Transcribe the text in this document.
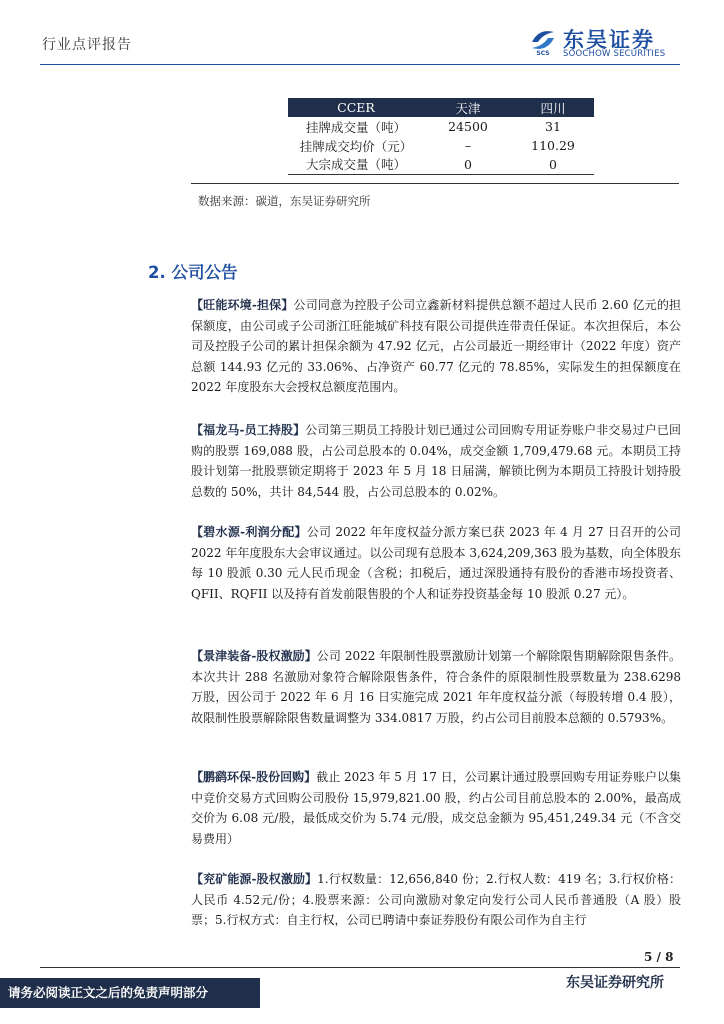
行业点评报告
SCS
东吴证券
SOOCHOW SECURITIES
CCER	天津	四川
挂牌成交量（吨）	24500	31
挂牌成交均价（元）	–	110.29
大宗成交量（吨）	0	0
数据来源：碳道，东吴证券研究所
2. 公司公告
【旺能环境-担保】公司同意为控股子公司立鑫新材料提供总额不超过人民币 2.60 亿元的担保额度，由公司或子公司浙江旺能城矿科技有限公司提供连带责任保证。本次担保后，本公司及控股子公司的累计担保余额为 47.92 亿元，占公司最近一期经审计（2022 年度）资产总额 144.93 亿元的 33.06%、占净资产 60.77 亿元的 78.85%，实际发生的担保额度在 2022 年度股东大会授权总额度范围内。
【福龙马-员工持股】公司第三期员工持股计划已通过公司回购专用证券账户非交易过户已回购的股票 169,088 股，占公司总股本的 0.04%，成交金额 1,709,479.68 元。本期员工持股计划第一批股票锁定期将于 2023 年 5 月 18 日届满，解锁比例为本期员工持股计划持股总数的 50%，共计 84,544 股，占公司总股本的 0.02%。
【碧水源-利润分配】公司 2022 年年度权益分派方案已获 2023 年 4 月 27 日召开的公司 2022 年年度股东大会审议通过。以公司现有总股本 3,624,209,363 股为基数，向全体股东每 10 股派 0.30 元人民币现金（含税；扣税后，通过深股通持有股份的香港市场投资者、QFII、RQFII 以及持有首发前限售股的个人和证券投资基金每 10 股派 0.27 元）。
【景津装备-股权激励】公司 2022 年限制性股票激励计划第一个解除限售期解除限售条件。本次共计 288 名激励对象符合解除限售条件，符合条件的原限制性股票数量为 238.6298 万股，因公司于 2022 年 6 月 16 日实施完成 2021 年年度权益分派（每股转增 0.4 股），故限制性股票解除限售数量调整为 334.0817 万股，约占公司目前股本总额的 0.5793%。
【鹏鹞环保-股份回购】截止 2023 年 5 月 17 日，公司累计通过股票回购专用证券账户以集中竞价交易方式回购公司股份 15,979,821.00 股，约占公司目前总股本的 2.00%，最高成交价为 6.08 元/股，最低成交价为 5.74 元/股，成交总金额为 95,451,249.34 元（不含交易费用）
【兖矿能源-股权激励】1.行权数量：12,656,840 份；2.行权人数：419 名；3.行权价格：人民币 4.52元/份；4.股票来源：公司向激励对象定向发行公司人民币普通股（A 股）股票；5.行权方式：自主行权，公司已聘请中泰证券股份有限公司作为自主行
5 / 8
请务必阅读正文之后的免责声明部分
东吴证券研究所
